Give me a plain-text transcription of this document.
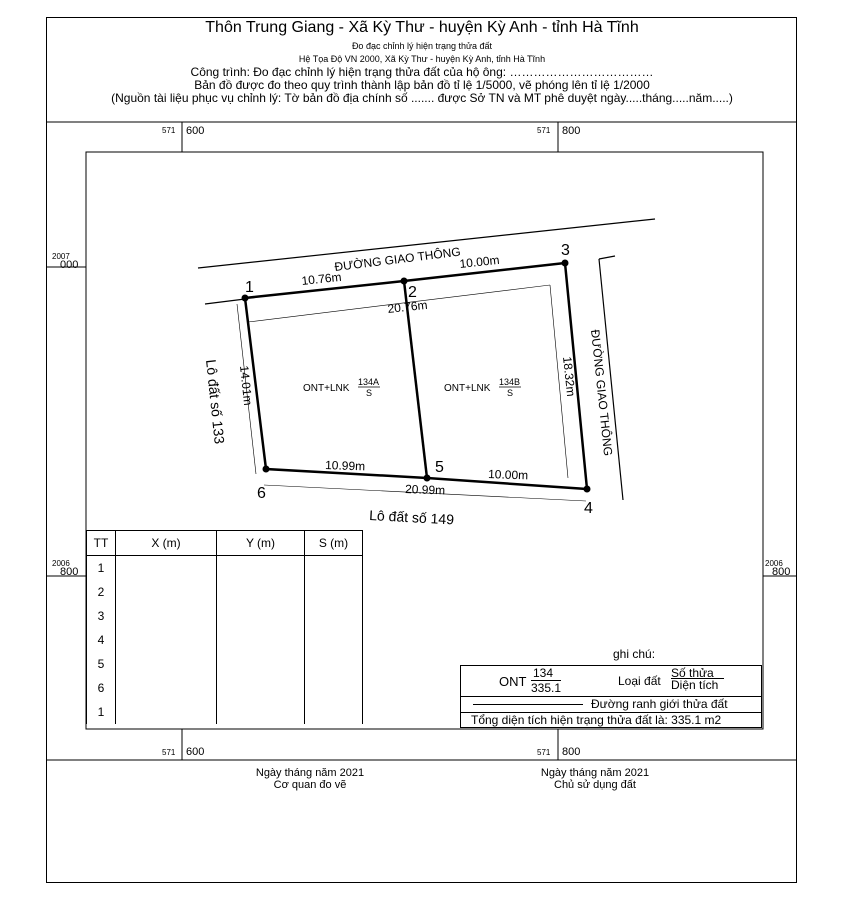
Thôn Trung Giang - Xã Kỳ Thư - huyện Kỳ Anh - tỉnh Hà Tĩnh
Đo đạc chỉnh lý hiện trạng thửa đất
Hệ Tọa Độ VN 2000, Xã Kỳ Thư - huyện Kỳ Anh, tỉnh Hà Tĩnh
Công trình: Đo đạc chỉnh lý hiện trạng thửa đất của hộ ông: ………………………………
Bản đồ được đo theo quy trình thành lập bản đồ tỉ lệ 1/5000, vẽ phóng lên tỉ lệ 1/2000
(Nguồn tài liệu phục vụ chỉnh lý: Tờ bản đồ địa chính số ....... được Sở TN và MT phê duyệt ngày.....tháng.....năm.....)
571 600	571 800
571 600	571 800
2007
000
2006
800
2006
800
ĐƯỜNG GIAO THÔNG
ĐƯỜNG GIAO THÔNG
1	2
3
4
5
6
10.76m
10.00m
20.76m
14.01m	18.32m
10.99m
10.00m
20.99m
Lô đất số 133
Lô đất số 149
ONT+LNK
134A
S	ONT+LNK
134B
S
TT	X (m)	Y (m)	S (m)
1			
2			
3			
4			
5			
6			
1			
ghi chú:
ONT
134
335.1	Loại đất
Số thửa
Diện tích
Đường ranh giới thửa đất
Tổng diện tích hiện trạng thửa đất là: 335.1 m2
Ngày tháng năm 2021
Cơ quan đo vẽ
Ngày tháng năm 2021
Chủ sử dụng đất
